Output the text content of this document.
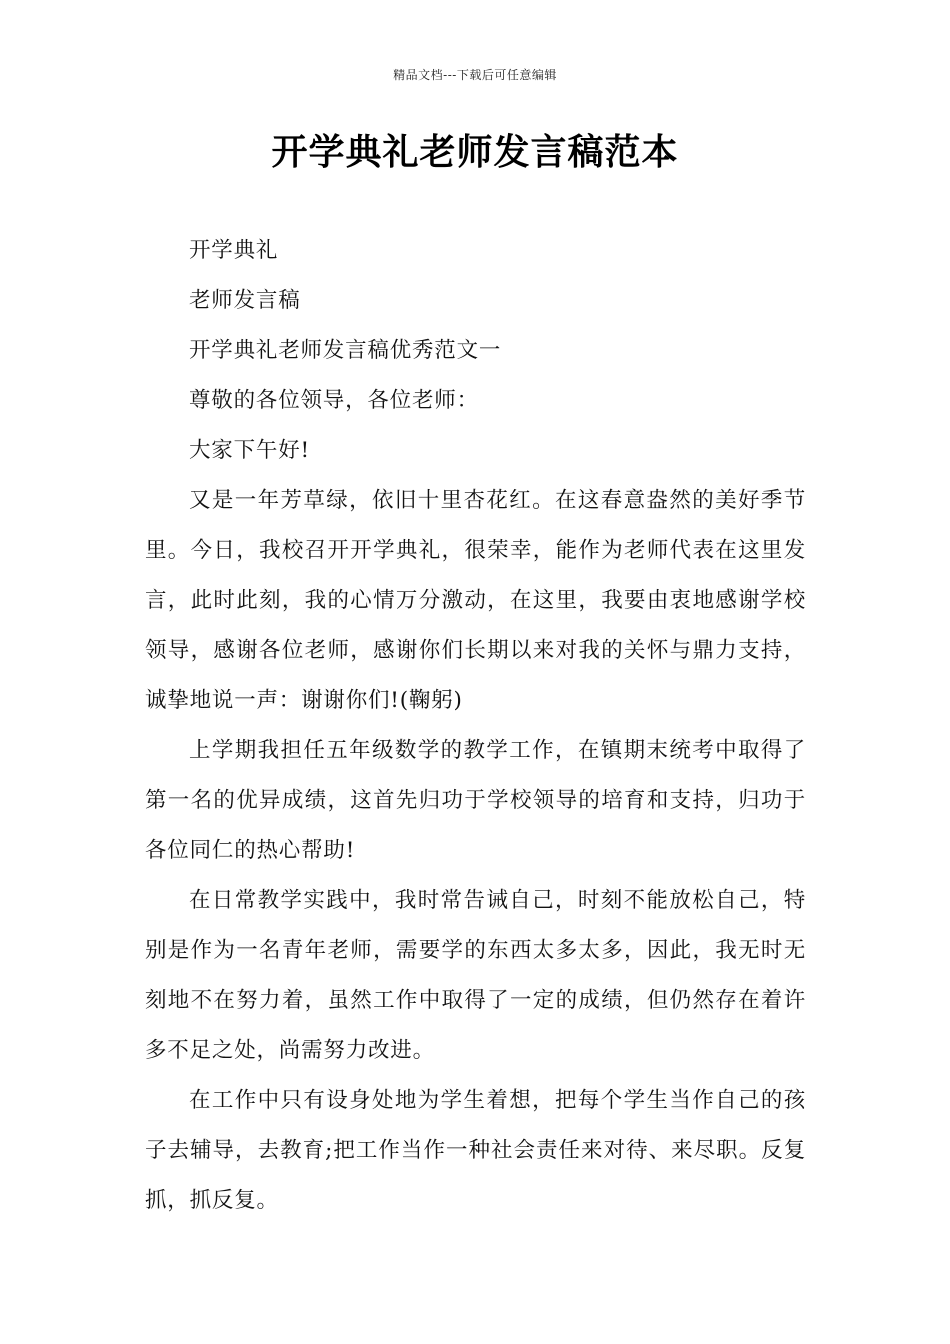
精品文档---下载后可任意编辑
开学典礼老师发言稿范本

开学典礼

老师发言稿

开学典礼老师发言稿优秀范文一

尊敬的各位领导，各位老师：

大家下午好!

又是一年芳草绿，依旧十里杏花红。在这春意盎然的美好季节里。今日，我校召开开学典礼，很荣幸，能作为老师代表在这里发言，此时此刻，我的心情万分激动，在这里，我要由衷地感谢学校领导，感谢各位老师，感谢你们长期以来对我的关怀与鼎力支持，诚挚地说一声：谢谢你们!(鞠躬)

上学期我担任五年级数学的教学工作，在镇期末统考中取得了第一名的优异成绩，这首先归功于学校领导的培育和支持，归功于各位同仁的热心帮助!

在日常教学实践中，我时常告诫自己，时刻不能放松自己，特别是作为一名青年老师，需要学的东西太多太多，因此，我无时无刻地不在努力着，虽然工作中取得了一定的成绩，但仍然存在着许多不足之处，尚需努力改进。

在工作中只有设身处地为学生着想，把每个学生当作自己的孩子去辅导，去教育;把工作当作一种社会责任来对待、来尽职。反复抓，抓反复。
